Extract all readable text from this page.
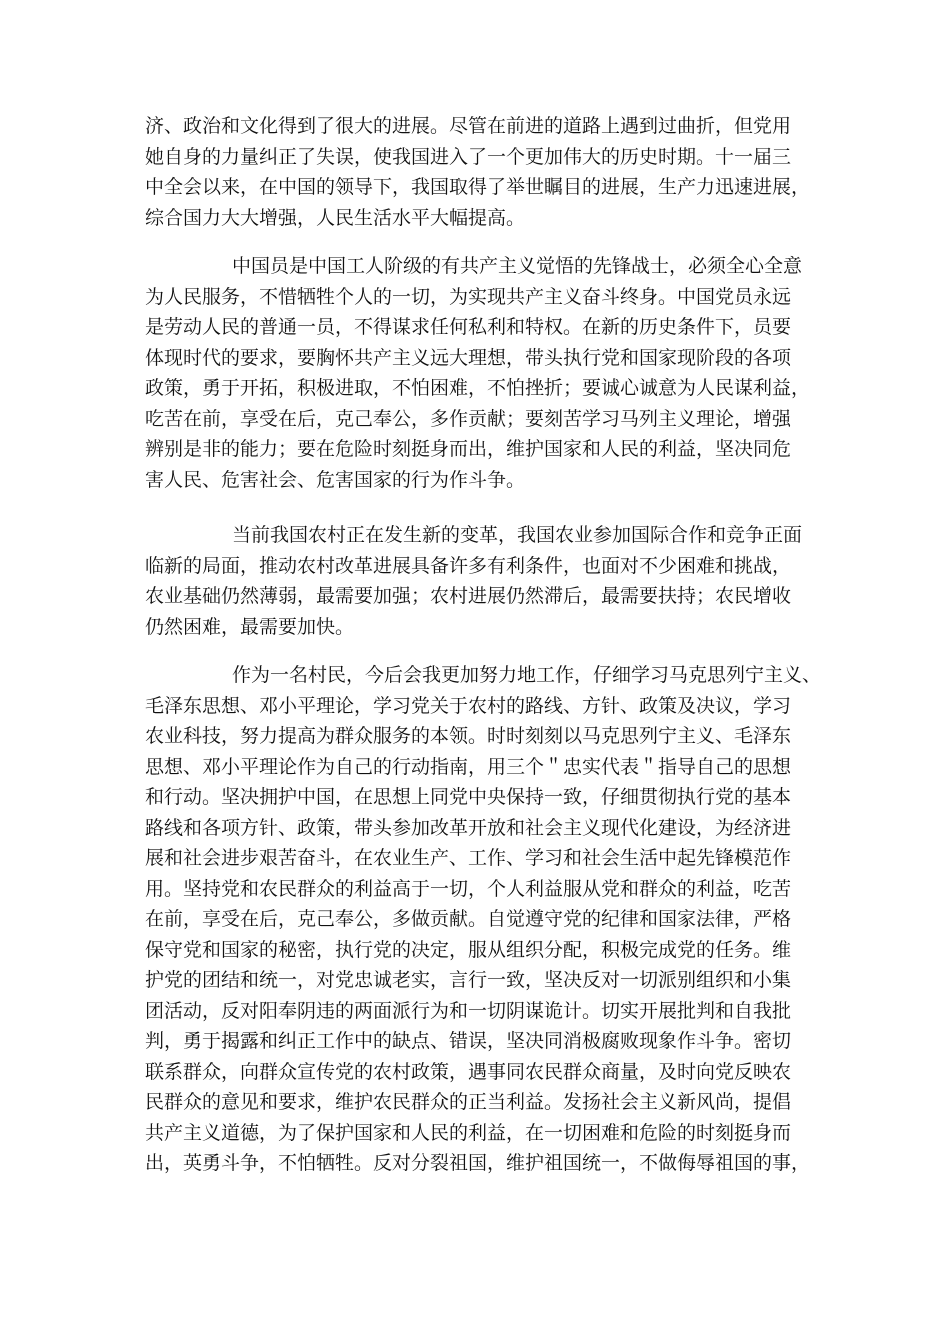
济、政治和文化得到了很大的进展。尽管在前进的道路上遇到过曲折，但党用
她自身的力量纠正了失误，使我国进入了一个更加伟大的历史时期。十一届三
中全会以来，在中国的领导下，我国取得了举世瞩目的进展，生产力迅速进展，
综合国力大大增强，人民生活水平大幅提高。
中国员是中国工人阶级的有共产主义觉悟的先锋战士，必须全心全意
为人民服务，不惜牺牲个人的一切，为实现共产主义奋斗终身。中国党员永远
是劳动人民的普通一员，不得谋求任何私利和特权。在新的历史条件下，员要
体现时代的要求，要胸怀共产主义远大理想，带头执行党和国家现阶段的各项
政策，勇于开拓，积极进取，不怕困难，不怕挫折；要诚心诚意为人民谋利益，
吃苦在前，享受在后，克己奉公，多作贡献；要刻苦学习马列主义理论，增强
辨别是非的能力；要在危险时刻挺身而出，维护国家和人民的利益，坚决同危
害人民、危害社会、危害国家的行为作斗争。
当前我国农村正在发生新的变革，我国农业参加国际合作和竞争正面
临新的局面，推动农村改革进展具备许多有利条件，也面对不少困难和挑战，
农业基础仍然薄弱，最需要加强；农村进展仍然滞后，最需要扶持；农民增收
仍然困难，最需要加快。
作为一名村民，今后会我更加努力地工作，仔细学习马克思列宁主义、
毛泽东思想、邓小平理论，学习党关于农村的路线、方针、政策及决议，学习
农业科技，努力提高为群众服务的本领。时时刻刻以马克思列宁主义、毛泽东
思想、邓小平理论作为自己的行动指南，用三个＂忠实代表＂指导自己的思想
和行动。坚决拥护中国，在思想上同党中央保持一致，仔细贯彻执行党的基本
路线和各项方针、政策，带头参加改革开放和社会主义现代化建设，为经济进
展和社会进步艰苦奋斗，在农业生产、工作、学习和社会生活中起先锋模范作
用。坚持党和农民群众的利益高于一切，个人利益服从党和群众的利益，吃苦
在前，享受在后，克己奉公，多做贡献。自觉遵守党的纪律和国家法律，严格
保守党和国家的秘密，执行党的决定，服从组织分配，积极完成党的任务。维
护党的团结和统一，对党忠诚老实，言行一致，坚决反对一切派别组织和小集
团活动，反对阳奉阴违的两面派行为和一切阴谋诡计。切实开展批判和自我批
判，勇于揭露和纠正工作中的缺点、错误，坚决同消极腐败现象作斗争。密切
联系群众，向群众宣传党的农村政策，遇事同农民群众商量，及时向党反映农
民群众的意见和要求，维护农民群众的正当利益。发扬社会主义新风尚，提倡
共产主义道德，为了保护国家和人民的利益，在一切困难和危险的时刻挺身而
出，英勇斗争，不怕牺牲。反对分裂祖国，维护祖国统一，不做侮辱祖国的事，
